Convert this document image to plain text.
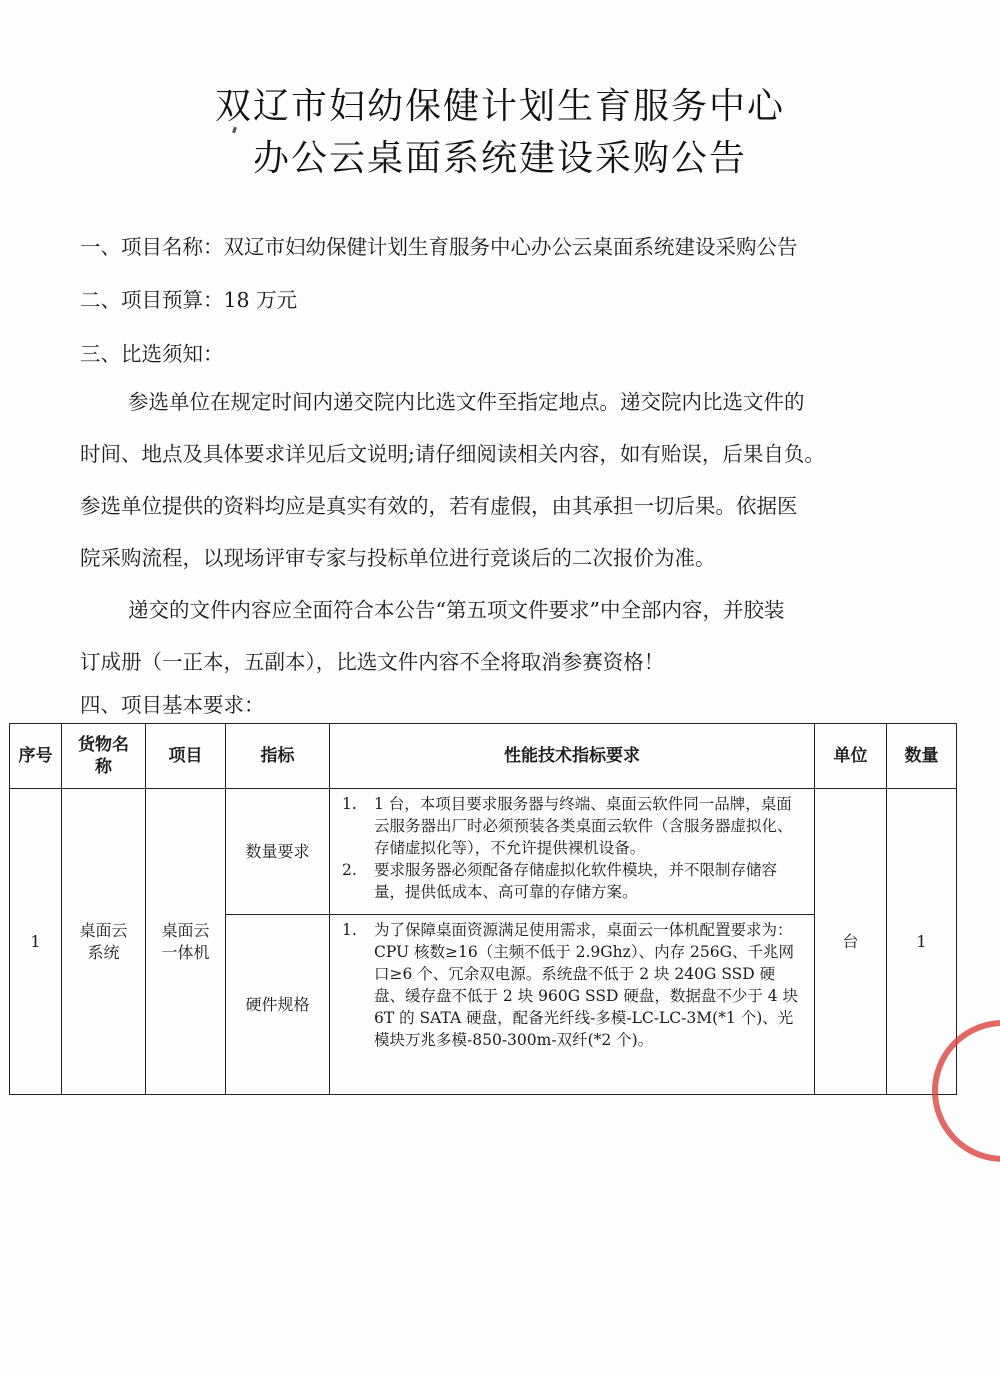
双辽市妇幼保健计划生育服务中心
办公云桌面系统建设采购公告
一、项目名称：双辽市妇幼保健计划生育服务中心办公云桌面系统建设采购公告
二、项目预算：18 万元
三、比选须知：
参选单位在规定时间内递交院内比选文件至指定地点。递交院内比选文件的
时间、地点及具体要求详见后文说明;请仔细阅读相关内容，如有贻误，后果自负。
参选单位提供的资料均应是真实有效的，若有虚假，由其承担一切后果。依据医
院采购流程，以现场评审专家与投标单位进行竞谈后的二次报价为准。
递交的文件内容应全面符合本公告“第五项文件要求”中全部内容，并胶装
订成册（一正本，五副本），比选文件内容不全将取消参赛资格！
四、项目基本要求：
序号	货物名称	项目	指标	性能技术指标要求	单位	数量
1	桌面云系统	桌面云一体机	数量要求	1. 1 台，本项目要求服务器与终端、桌面云软件同一品牌，桌面云服务器出厂时必须预装各类桌面云软件（含服务器虚拟化、存储虚拟化等），不允许提供裸机设备。
2. 要求服务器必须配备存储虚拟化软件模块，并不限制存储容量，提供低成本、高可靠的存储方案。	台	1
			硬件规格	1. 为了保障桌面资源满足使用需求，桌面云一体机配置要求为：CPU 核数≥16（主频不低于 2.9Ghz）、内存 256G、千兆网口≥6 个、冗余双电源。系统盘不低于 2 块 240G SSD 硬盘、缓存盘不低于 2 块 960G SSD 硬盘，数据盘不少于 4 块 6T 的 SATA 硬盘，配备光纤线-多模-LC-LC-3M(*1 个)、光模块万兆多模-850-300m-双纤(*2 个)。		
